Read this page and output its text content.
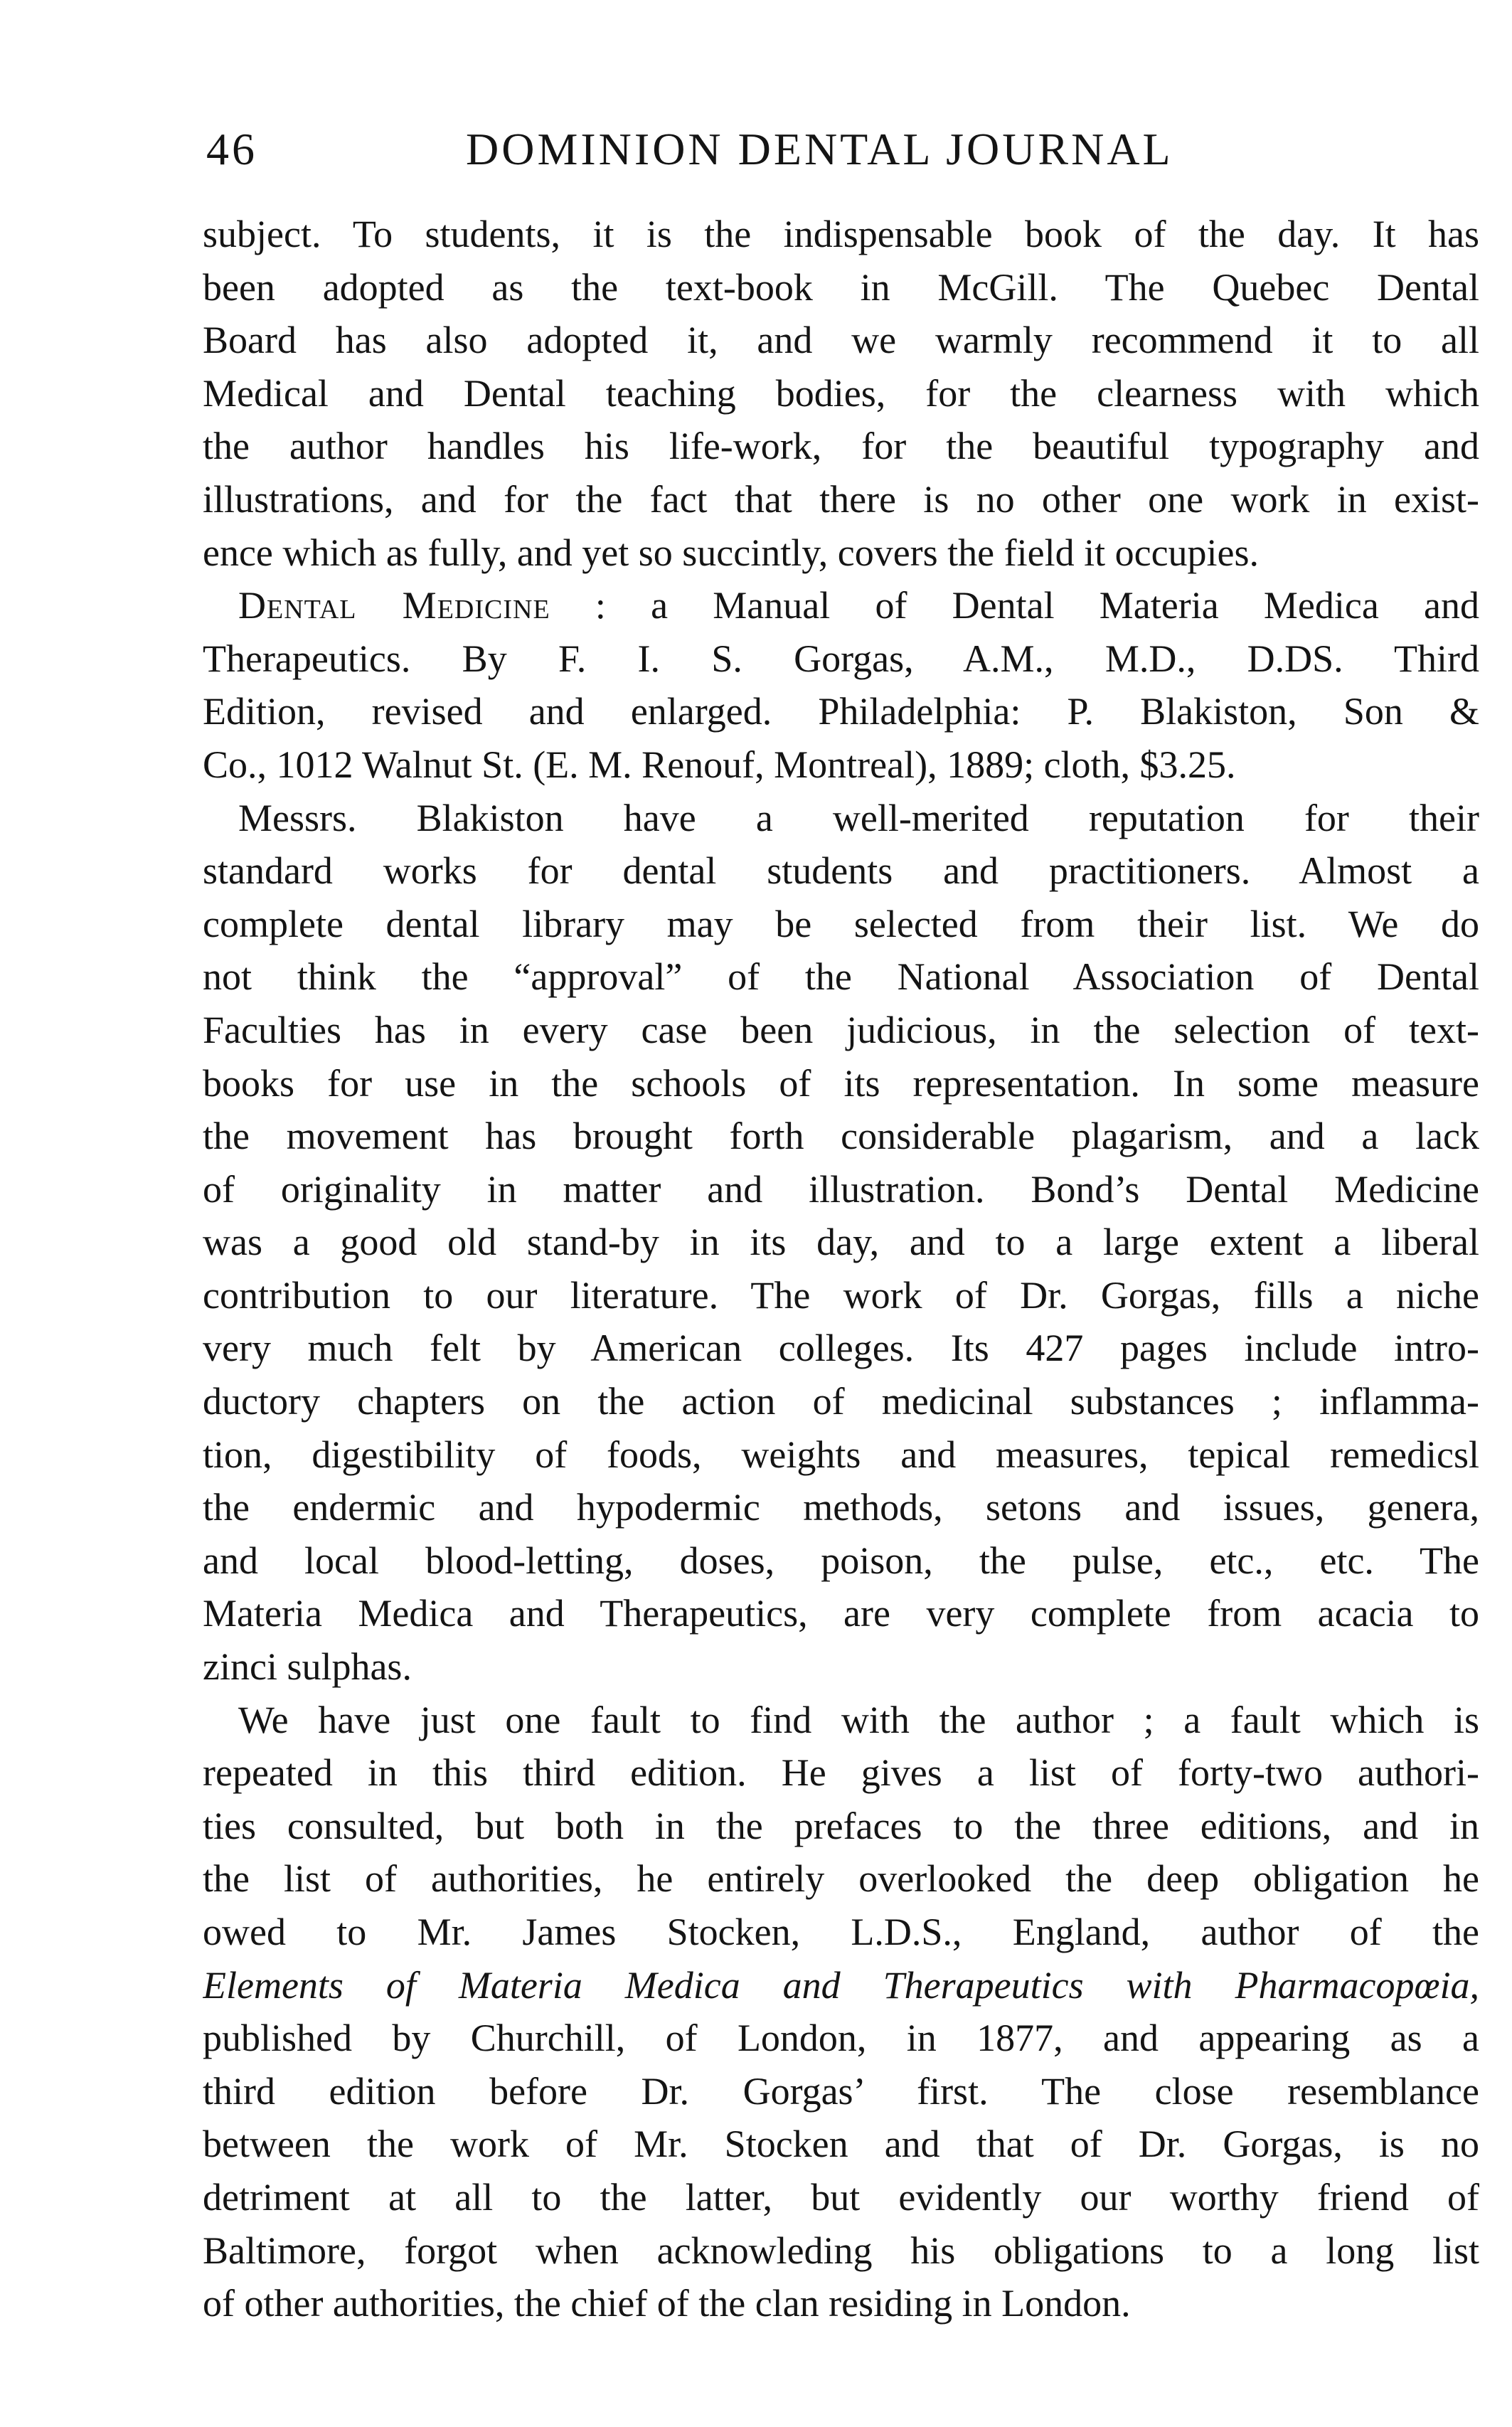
46	DOMINION DENTAL JOURNAL
subject. To students, it is the indispensable book of the day. It has
been adopted as the text-book in McGill. The Quebec Dental
Board has also adopted it, and we warmly recommend it to all
Medical and Dental teaching bodies, for the clearness with which
the author handles his life-work, for the beautiful typography and
illustrations, and for the fact that there is no other one work in exist-
ence which as fully, and yet so succintly, covers the field it occupies.
Dental Medicine : a Manual of Dental Materia Medica and
Therapeutics. By F. I. S. Gorgas, A.M., M.D., D.DS. Third
Edition, revised and enlarged. Philadelphia: P. Blakiston, Son &
Co., 1012 Walnut St. (E. M. Renouf, Montreal), 1889; cloth, $3.25.
Messrs. Blakiston have a well-merited reputation for their
standard works for dental students and practitioners. Almost a
complete dental library may be selected from their list. We do
not think the “approval” of the National Association of Dental
Faculties has in every case been judicious, in the selection of text-
books for use in the schools of its representation. In some measure
the movement has brought forth considerable plagarism, and a lack
of originality in matter and illustration. Bond’s Dental Medicine
was a good old stand-by in its day, and to a large extent a liberal
contribution to our literature. The work of Dr. Gorgas, fills a niche
very much felt by American colleges. Its 427 pages include intro-
ductory chapters on the action of medicinal substances ; inflamma-
tion, digestibility of foods, weights and measures, tepical remedicsl
the endermic and hypodermic methods, setons and issues, genera,
and local blood-letting, doses, poison, the pulse, etc., etc. The
Materia Medica and Therapeutics, are very complete from acacia to
zinci sulphas.
We have just one fault to find with the author ; a fault which is
repeated in this third edition. He gives a list of forty-two authori-
ties consulted, but both in the prefaces to the three editions, and in
the list of authorities, he entirely overlooked the deep obligation he
owed to Mr. James Stocken, L.D.S., England, author of the
Elements of Materia Medica and Therapeutics with Pharmacopœia,
published by Churchill, of London, in 1877, and appearing as a
third edition before Dr. Gorgas’ first. The close resemblance
between the work of Mr. Stocken and that of Dr. Gorgas, is no
detriment at all to the latter, but evidently our worthy friend of
Baltimore, forgot when acknowleding his obligations to a long list
of other authorities, the chief of the clan residing in London.
